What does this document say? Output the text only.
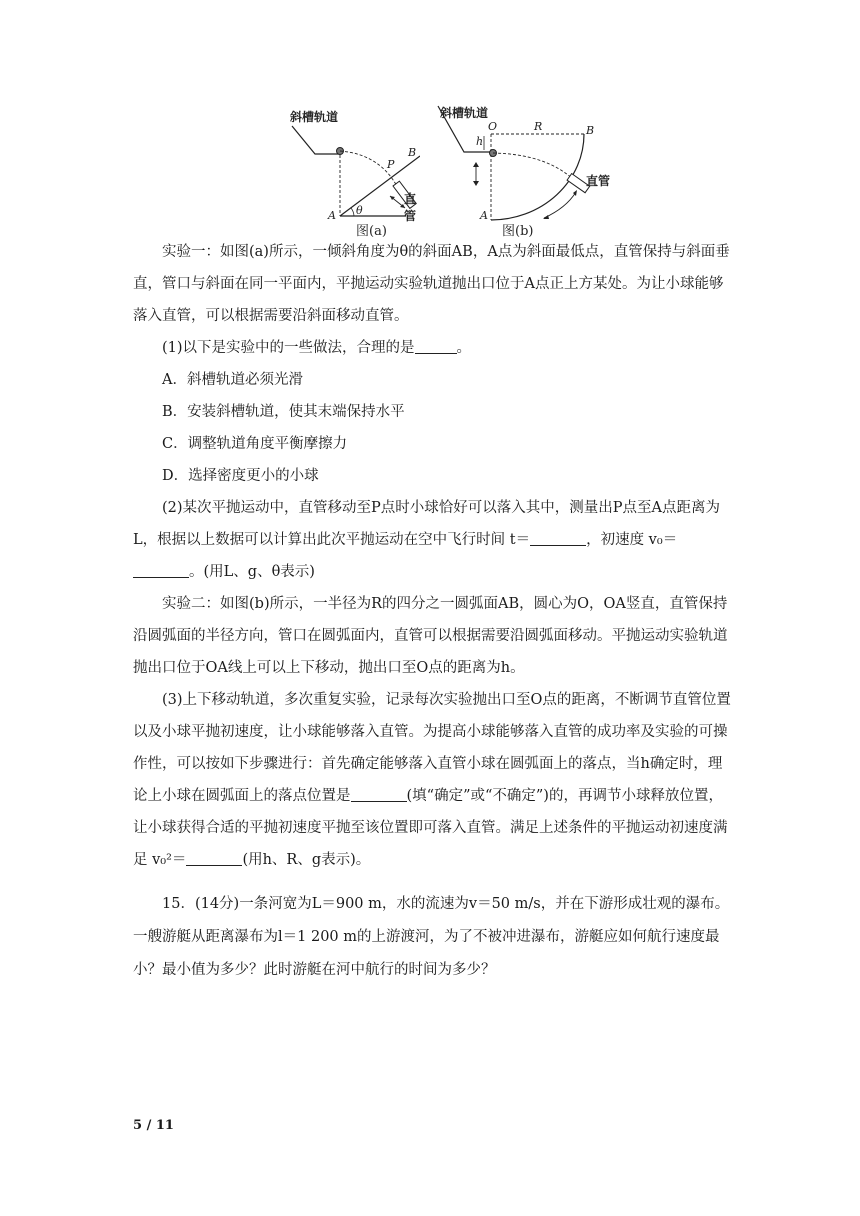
斜槽轨道
P
B
A θ
直管
图(a)
斜槽轨道
O	R	B
h
A
直管
图(b)

实验一：如图(a)所示，一倾斜角度为θ的斜面AB，A点为斜面最低点，直管保持与斜面垂直，管口与斜面在同一平面内，平抛运动实验轨道抛出口位于A点正上方某处。为让小球能够落入直管，可以根据需要沿斜面移动直管。

(1)以下是实验中的一些做法，合理的是	。

A．斜槽轨道必须光滑

B．安装斜槽轨道，使其末端保持水平

C．调整轨道角度平衡摩擦力

D．选择密度更小的小球

(2)某次平抛运动中，直管移动至P点时小球恰好可以落入其中，测量出P点至A点距离为L，根据以上数据可以计算出此次平抛运动在空中飞行时间 t＝	，初速度 v₀＝。(用L、g、θ表示)

实验二：如图(b)所示，一半径为R的四分之一圆弧面AB，圆心为O，OA竖直，直管保持沿圆弧面的半径方向，管口在圆弧面内，直管可以根据需要沿圆弧面移动。平抛运动实验轨道抛出口位于OA线上可以上下移动，抛出口至O点的距离为h。

(3)上下移动轨道，多次重复实验，记录每次实验抛出口至O点的距离，不断调节直管位置以及小球平抛初速度，让小球能够落入直管。为提高小球能够落入直管的成功率及实验的可操作性，可以按如下步骤进行：首先确定能够落入直管小球在圆弧面上的落点，当h确定时，理论上小球在圆弧面上的落点位置是	(填“确定”或“不确定”)的，再调节小球释放位置，让小球获得合适的平抛初速度平抛至该位置即可落入直管。满足上述条件的平抛运动初速度满足 v₀²＝	(用h、R、g表示)。

15．(14分)一条河宽为L＝900 m，水的流速为v＝50 m/s，并在下游形成壮观的瀑布。一艘游艇从距离瀑布为l＝1 200 m的上游渡河，为了不被冲进瀑布，游艇应如何航行速度最小？最小值为多少？此时游艇在河中航行的时间为多少？

5 / 11
